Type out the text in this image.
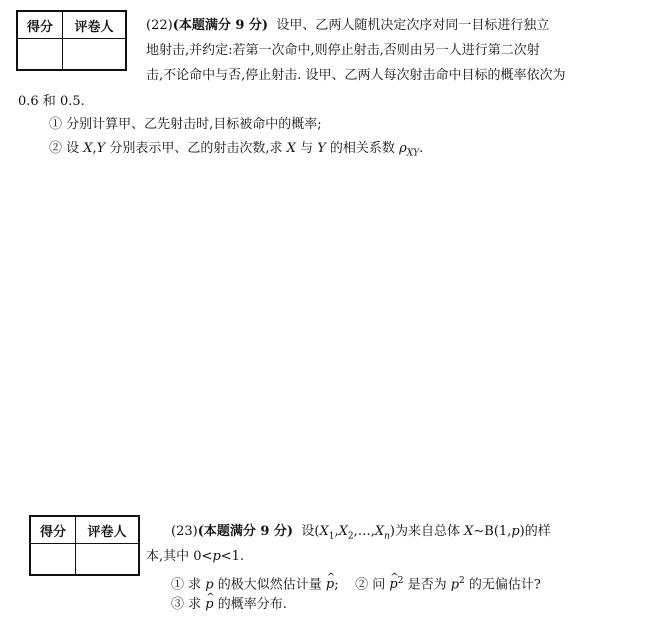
得分	评卷人
		(22)(本题满分 9 分) 设甲、乙两人随机决定次序对同一目标进行独立
地射击,并约定:若第一次命中,则停止射击,否则由另一人进行第二次射
击,不论命中与否,停止射击. 设甲、乙两人每次射击命中目标的概率依次为
0.6 和 0.5.
① 分别计算甲、乙先射击时,目标被命中的概率;
② 设 X,Y 分别表示甲、乙的射击次数,求 X 与 Y 的相关系数 $\rho_{XY}$.
得分	评卷人
		(23)(本题满分 9 分) 设$(X_1,X_2,\dots,X_n)$为来自总体 X∼B(1,p)的样
本,其中 0<p<1.
① 求 p 的极大似然估计量 ^ p; ② 问 ^ $p^2$ 是否为 $p^2$ 的无偏估计?
③ 求 ^ p 的概率分布.
